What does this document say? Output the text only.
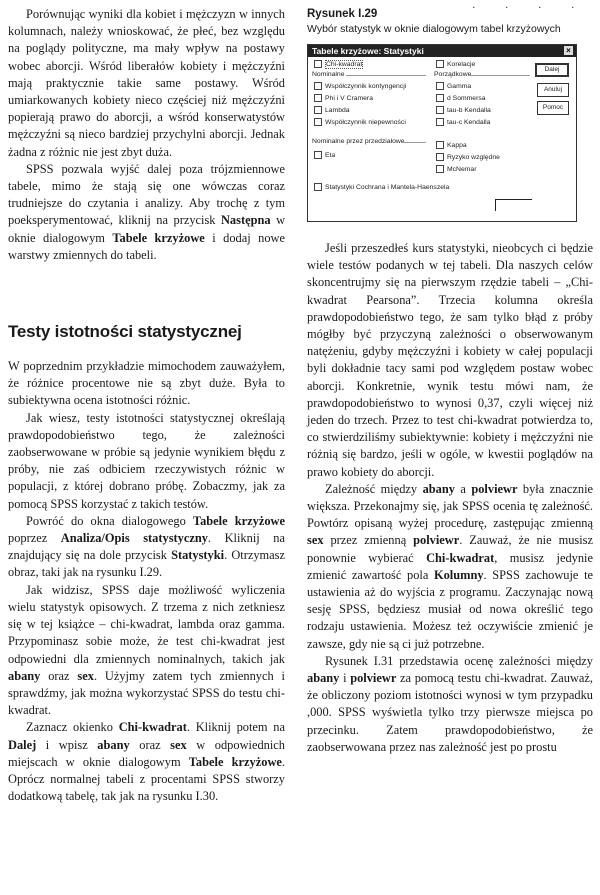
. . . .

Porównując wyniki dla kobiet i mężczyzn w innych kolumnach, należy wnioskować, że płeć, bez względu na poglądy polityczne, ma mały wpływ na postawy wobec aborcji. Wśród liberałów kobiety i mężczyźni mają praktycznie takie same postawy. Wśród umiarkowanych kobiety nieco częściej niż mężczyźni popierają prawo do aborcji, a wśród konserwatystów mężczyźni są nieco bardziej przychylni aborcji. Jednak żadna z różnic nie jest zbyt duża.

SPSS pozwala wyjść dalej poza trójzmiennowe tabele, mimo że stają się one wówczas coraz trudniejsze do czytania i analizy. Aby trochę z tym poeksperymentować, kliknij na przycisk Następna w oknie dialogowym Tabele krzyżowe i dodaj nowe warstwy zmiennych do tabeli.

Testy istotności statystycznej

W poprzednim przykładzie mimochodem zauważyłem, że różnice procentowe nie są zbyt duże. Była to subiektywna ocena istotności różnic.

Jak wiesz, testy istotności statystycznej określają prawdopodobieństwo tego, że zależności zaobserwowane w próbie są jedynie wynikiem błędu z próby, nie zaś odbiciem rzeczywistych różnic w populacji, z której dobrano próbę. Zobaczmy, jak za pomocą SPSS korzystać z takich testów.

Powróć do okna dialogowego Tabele krzyżowe poprzez Analiza/Opis statystyczny. Kliknij na znajdujący się na dole przycisk Statystyki. Otrzymasz obraz, taki jak na rysunku I.29.

Jak widzisz, SPSS daje możliwość wyliczenia wielu statystyk opisowych. Z trzema z nich zetkniesz się w tej książce – chi-kwadrat, lambda oraz gamma. Przypominasz sobie może, że test chi-kwadrat jest odpowiedni dla zmiennych nominalnych, takich jak abany oraz sex. Użyjmy zatem tych zmiennych i sprawdźmy, jak można wykorzystać SPSS do testu chi-kwadrat.

Zaznacz okienko Chi-kwadrat. Kliknij potem na Dalej i wpisz abany oraz sex w odpowiednich miejscach w oknie dialogowym Tabele krzyżowe. Oprócz normalnej tabeli z procentami SPSS stworzy dodatkową tabelę, tak jak na rysunku I.30.

Rysunek I.29
Wybór statystyk w oknie dialogowym tabel krzyżowych
Tabele krzyżowe: Statystyki	×
Chi-kwadrat	Korelacje
Nominalne	Porządkowe
Współczynnik kontyngencji
Phi i V Cramera
Lambda
Współczynnik niepewności
Gamma
d Sommersa
tau-b Kendalla
tau-c Kendalla
Nominalne przez przedziałowe
Eta
Kappa
Ryzyko względne
McNemar
Statystyki Cochrana i Mantela-Haenszela
Dalej
Anuluj
Pomoc

Jeśli przeszedłeś kurs statystyki, nieobcych ci będzie wiele testów podanych w tej tabeli. Dla naszych celów skoncentrujmy się na pierwszym rzędzie tabeli – „Chi-kwadrat Pearsona”. Trzecia kolumna określa prawdopodobieństwo tego, że sam tylko błąd z próby mógłby być przyczyną zależności o obserwowanym natężeniu, gdyby mężczyźni i kobiety w całej populacji byli dokładnie tacy sami pod względem postaw wobec aborcji. Konkretnie, wynik testu mówi nam, że prawdopodobieństwo to wynosi 0,37, czyli więcej niż jeden do trzech. Przez to test chi-kwadrat potwierdza to, co stwierdziliśmy subiektywnie: kobiety i mężczyźni nie różnią się bardzo, jeśli w ogóle, w kwestii poglądów na prawo kobiety do aborcji.

Zależność między abany a polviewr była znacznie większa. Przekonajmy się, jak SPSS ocenia tę zależność. Powtórz opisaną wyżej procedurę, zastępując zmienną sex przez zmienną polviewr. Zauważ, że nie musisz ponownie wybierać Chi-kwadrat, musisz jedynie zmienić zawartość pola Kolumny. SPSS zachowuje te ustawienia aż do wyjścia z programu. Zaczynając nową sesję SPSS, będziesz musiał od nowa określić tego rodzaju ustawienia. Możesz też oczywiście zmienić je zawsze, gdy nie są ci już potrzebne.

Rysunek I.31 przedstawia ocenę zależności między abany i polviewr za pomocą testu chi-kwadrat. Zauważ, że obliczony poziom istotności wynosi w tym przypadku ,000. SPSS wyświetla tylko trzy pierwsze miejsca po przecinku. Zatem prawdopodobieństwo, że zaobserwowana przez nas zależność jest po prostu
